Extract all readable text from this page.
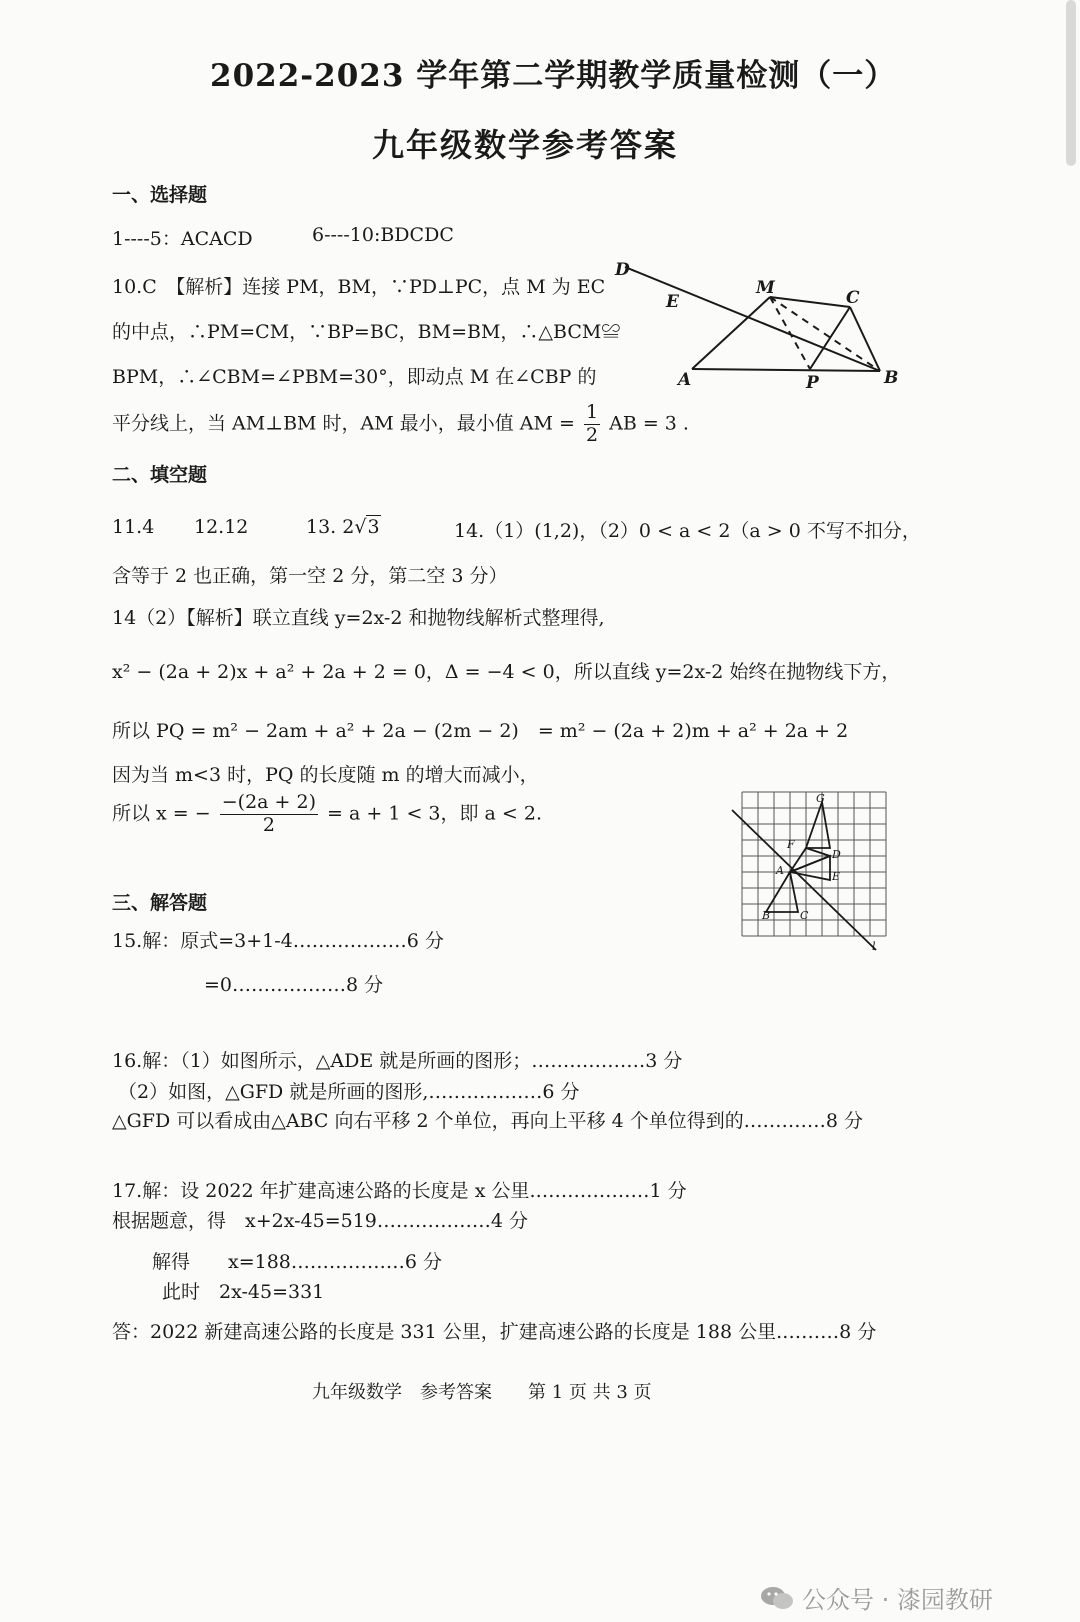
2022-2023 学年第二学期教学质量检测（一）
九年级数学参考答案
一、选择题
1----5：ACACD	6----10:BDCDC
10.C　【解析】连接 PM，BM，∵PD⊥PC，点 M 为 EC
的中点，∴PM=CM，∵BP=BC，BM=BM，∴△BCM≌
BPM，∴∠CBM=∠PBM=30°，即动点 M 在∠CBP 的
平分线上，当 AM⊥BM 时，AM 最小，最小值 AM = $\frac{1}{2}$ AB = 3 .
D
E
M	C
A	P	B
二、填空题
11.4 12.12	13. 2√3	14.（1）(1,2)，（2）0 < a < 2（a > 0 不写不扣分，
含等于 2 也正确，第一空 2 分，第二空 3 分）
14（2）【解析】联立直线 y=2x-2 和抛物线解析式整理得,
x² − (2a + 2)x + a² + 2a + 2 = 0，Δ = −4 < 0，所以直线 y=2x-2 始终在抛物线下方，
所以 PQ = m² − 2am + a² + 2a − (2m − 2)　= m² − (2a + 2)m + a² + 2a + 2
因为当 m<3 时，PQ 的长度随 m 的增大而减小，
所以 x = − $\frac{-(2a + 2)}{2} = a + 1 < 3$，即 a < 2.
G
F
D
A	E
B	C
l
三、解答题
15.解：原式=3+1-4………………6 分
=0………………8 分
16.解：（1）如图所示，△ADE 就是所画的图形；………………3 分
（2）如图，△GFD 就是所画的图形,………………6 分
△GFD 可以看成由△ABC 向右平移 2 个单位，再向上平移 4 个单位得到的.…………8 分
17.解：设 2022 年扩建高速公路的长度是 x 公里.………………1 分
根据题意，得　x+2x-45=519………………4 分
解得　　x=188………………6 分
此时　2x-45=331
答：2022 新建高速公路的长度是 331 公里，扩建高速公路的长度是 188 公里.………8 分
九年级数学　参考答案　　第 1 页 共 3 页
公众号 · 漆园教研
